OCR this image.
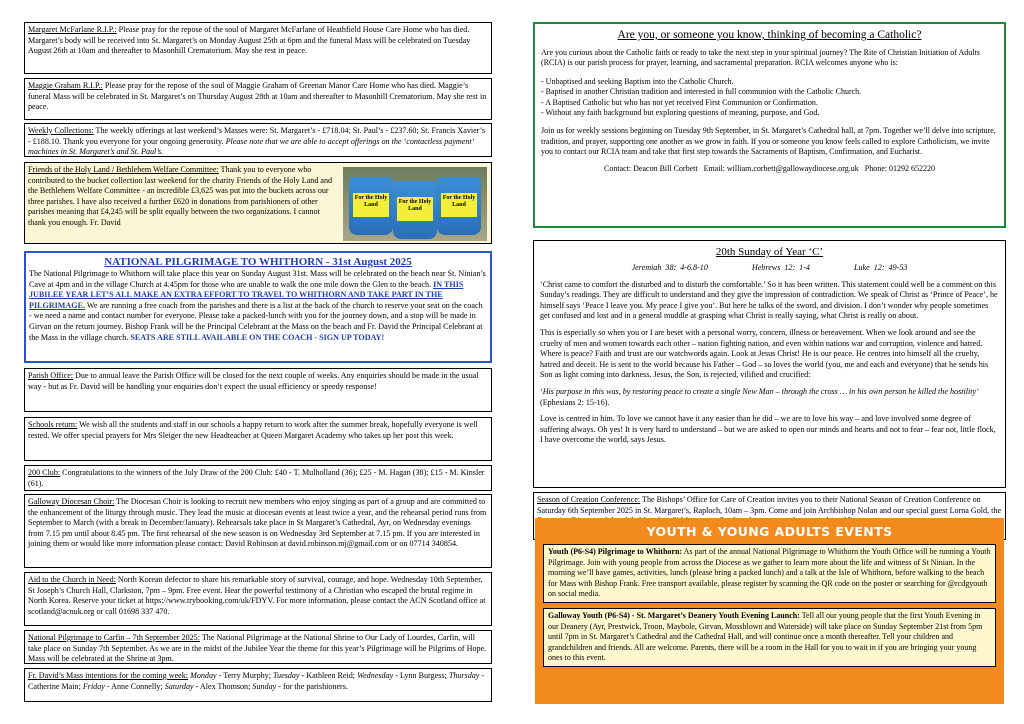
Margaret McFarlane R.I.P.: Please pray for the repose of the soul of Margaret McFarlane of Heathfield House Care Home who has died. Margaret’s body will be received into St. Margaret’s on Monday August 25th at 6pm and the funeral Mass will be celebrated on Tuesday August 26th at 10am and thereafter to Masonhill Crematorium. May she rest in peace.

Maggie Graham R.I.P.: Please pray for the repose of the soul of Maggie Graham of Greenan Manor Care Home who has died. Maggie’s funeral Mass will be celebrated in St. Margaret’s on Thursday August 28th at 10am and thereafter to Masonhill Crematorium. May she rest in peace.

Weekly Collections: The weekly offerings at last weekend’s Masses were: St. Margaret’s - £718.04; St. Paul’s - £237.60; St. Francis Xavier’s - £188.10. Thank you everyone for your ongoing generosity. Please note that we are able to accept offerings on the ‘contactless payment’ machines in St. Margaret’s and St. Paul’s.

Friends of the Holy Land / Bethlehem Welfare Committee: Thank you to everyone who contributed to the bucket collection last weekend for the charity Friends of the Holy Land and the Bethlehem Welfare Committee - an incredible £3,625 was put into the buckets across our three parishes. I have also received a further £620 in donations from parishioners of other parishes meaning that £4,245 will be split equally between the two organizations. I cannot thank you enough. Fr. David

For the Holy Land	For the Holy Land
For the Holy Land
NATIONAL PILGRIMAGE TO WHITHORN - 31st August 2025

The National Pilgrimage to Whithorn will take place this year on Sunday August 31st. Mass will be celebrated on the beach near St. Ninian’s Cave at 4pm and in the village Church at 4.45pm for those who are unable to walk the one mile down the Glen to the beach. IN THIS JUBILEE YEAR LET’S ALL MAKE AN EXTRA EFFORT TO TRAVEL TO WHITHORN AND TAKE PART IN THE PILGRIMAGE. We are running a free coach from the parishes and there is a list at the back of the church to reserve your seat on the coach - we need a name and contact number for everyone. Please take a packed-lunch with you for the journey down, and a stop will be made in Girvan on the return journey. Bishop Frank will be the Principal Celebrant at the Mass on the beach and Fr. David the Principal Celebrant at the Mass in the village church. SEATS ARE STILL AVAILABLE ON THE COACH - SIGN UP TODAY!

Parish Office: Due to annual leave the Parish Office will be closed for the next couple of weeks. Any enquiries should be made in the usual way - but as Fr. David will be handling your enquiries don’t expect the usual efficiency or speedy response!

Schools return: We wish all the students and staff in our schools a happy return to work after the summer break, hopefully everyone is well rested. We offer special prayers for Mrs Sleiger the new Headteacher at Queen Margaret Academy who takes up her post this week.

200 Club: Congratulations to the winners of the July Draw of the 200 Club: £40 - T. Mulholland (36); £25 - M. Hagan (38); £15 - M. Kinsler (61).

Galloway Diocesan Choir: The Diocesan Choir is looking to recruit new members who enjoy singing as part of a group and are committed to the enhancement of the liturgy through music. They lead the music at diocesan events at least twice a year, and the rehearsal period runs from September to March (with a break in December/January). Rehearsals take place in St Margaret’s Cathedral, Ayr, on Wednesday evenings from 7.15 pm until about 8.45 pm. The first rehearsal of the new season is on Wednesday 3rd September at 7.15 pm. If you are interested in joining them or would like more information please contact: David Robinson at david.robinson.mj@gmail.com or on 07714 340854.

Aid to the Church in Need: North Korean defector to share his remarkable story of survival, courage, and hope. Wednesday 10th September, St Joseph’s Church Hall, Clarkston, 7pm – 9pm. Free event. Hear the powerful testimony of a Christian who escaped the brutal regime in North Korea. Reserve your ticket at https://www.trybooking.com/uk/FDYV. For more information, please contact the ACN Scotland office at scotland@acnuk.org or call 01698 337 470.

National Pilgrimage to Carfin – 7th September 2025: The National Pilgrimage at the National Shrine to Our Lady of Lourdes, Carfin, will take place on Sunday 7th September. As we are in the midst of the Jubilee Year the theme for this year’s Pilgrimage will be Pilgrims of Hope. Mass will be celebrated at the Shrine at 3pm.

Fr. David’s Mass intentions for the coming week: Monday - Terry Murphy; Tuesday - Kathleen Reid; Wednesday - Lynn Burgess; Thursday - Catherine Main; Friday - Anne Connelly; Saturday - Alex Thomson; Sunday - for the parishioners.

Are you, or someone you know, thinking of becoming a Catholic?

Are you curious about the Catholic faith or ready to take the next step in your spiritual journey? The Rite of Christian Initiation of Adults (RCIA) is our parish process for prayer, learning, and sacramental preparation. RCIA welcomes anyone who is:

- Unbaptised and seeking Baptism into the Catholic Church.

- Baptised in another Christian tradition and interested in full communion with the Catholic Church.

- A Baptised Catholic but who has not yet received First Communion or Confirmation.

- Without any faith background but exploring questions of meaning, purpose, and God.

Join us for weekly sessions beginning on Tuesday 9th September, in St. Margaret’s Cathedral hall, at 7pm. Together we’ll delve into scripture, tradition, and prayer, supporting one another as we grow in faith. If you or someone you know feels called to explore Catholicism, we invite you to contact our RCIA team and take that first step towards the Sacraments of Baptism, Confirmation, and Eucharist.

Contact: Deacon Bill Corbett   Email: william.corbett@gallowaydiocese.org.uk   Phone: 01292 652220

20th Sunday of Year ‘C’
Jeremiah 38: 4-6.8-10	Hebrews 12: 1-4	Luke 12: 49-53

‘Christ came to comfort the disturbed and to disturb the comfortable.’ So it has been written. This statement could well be a comment on this Sunday’s readings. They are difficult to understand and they give the impression of contradiction. We speak of Christ as ‘Prince of Peace’, he himself says ‘Peace I leave you. My peace I give you’. But here he talks of the sword, and division. I don’t wonder why people sometimes get confused and lost and in a general muddle at grasping what Christ is really saying, what Christ is really on about.

This is especially so when you or I are beset with a personal worry, concern, illness or bereavement. When we look around and see the cruelty of men and women towards each other – nation fighting nation, and even within nations war and corruption, violence and hatred. Where is peace? Faith and trust are our watchwords again. Look at Jesus Christ! He is our peace. He centres into himself all the cruelty, hatred and deceit. He is sent to the world because his Father – God – so loves the world (you, me and each and everyone) that he sends his Son as light coming into darkness. Jesus, the Son, is rejected, vilified and crucified:

‘His purpose in this was, by restoring peace to create a single New Man – through the cross … in his own person he killed the hostility’ (Ephesians 2: 15-16).

Love is centred in him. To love we cannot have it any easier than he did – we are to love his way – and love involved some degree of suffering always. Oh yes! It is very hard to understand – but we are asked to open our minds and hearts and not to fear – fear not, little flock, I have overcome the world, says Jesus.

Season of Creation Conference: The Bishops’ Office for Care of Creation invites you to their National Season of Creation Conference on Saturday 6th September 2025 in St. Margaret’s, Raploch, 10am – 3pm. Come and join Archbishop Nolan and our special guest Lorna Gold, the

YOUTH & YOUNG ADULTS EVENTS

Youth (P6-S4) Pilgrimage to Whithorn: As part of the annual National Pilgrimage to Whithorn the Youth Office will be running a Youth Pilgrimage. Join with young people from across the Diocese as we gather to learn more about the life and witness of St Ninian. In the morning we’ll have games, activities, lunch (please bring a packed lunch) and a talk at the Isle of Whithorn, before walking to the beach for Mass with Bishop Frank. Free transport available, please register by scanning the QR code on the poster or searching for @rcdgyouth on social media.

Galloway Youth (P6-S4) - St. Margaret’s Deanery Youth Evening Launch: Tell all our young people that the first Youth Evening in our Deanery (Ayr, Prestwick, Troon, Maybole, Girvan, Mossblown and Waterside) will take place on Sunday September 21st from 5pm until 7pm in St. Margaret’s Cathedral and the Cathedral Hall, and will continue once a month thereafter. Tell your children and grandchildren and friends. All are welcome. Parents, there will be a room in the Hall for you to wait in if you are bringing your young ones to this event.
